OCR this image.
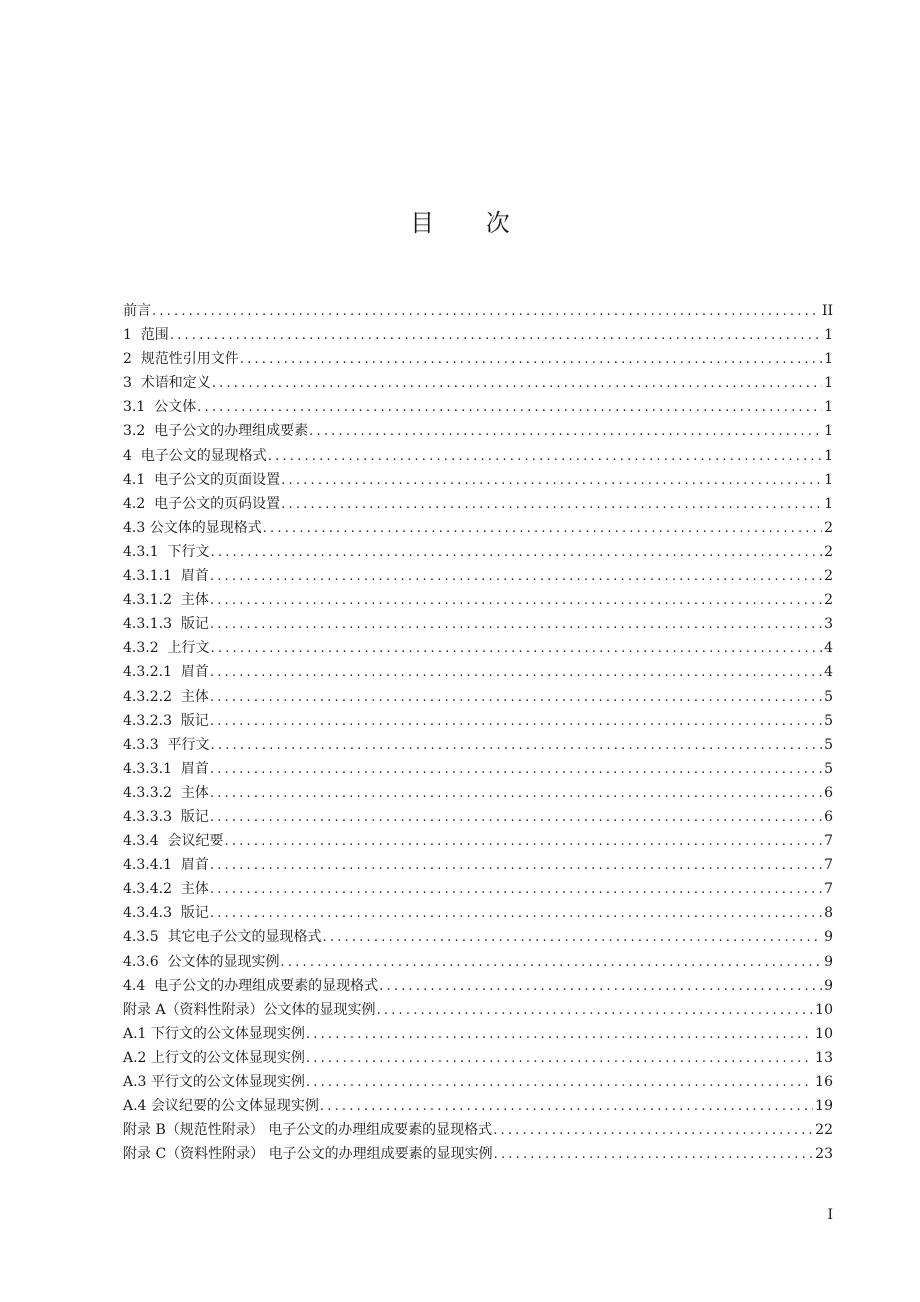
目 次
前言 .....	II
1  范围 .....	1
2  规范性引用文件 .....	1
3  术语和定义 .....	1
3.1  公文体 .....	1
3.2  电子公文的办理组成要素 .....	1
4  电子公文的显现格式 .....	1
4.1  电子公文的页面设置 .....	1
4.2  电子公文的页码设置 .....	1
4.3 公文体的显现格式 .....	2
4.3.1  下行文 .....	2
4.3.1.1  眉首 .....	2
4.3.1.2  主体 .....	2
4.3.1.3  版记 .....	3
4.3.2  上行文 .....	4
4.3.2.1  眉首 .....	4
4.3.2.2  主体 .....	5
4.3.2.3  版记 .....	5
4.3.3  平行文 .....	5
4.3.3.1  眉首 .....	5
4.3.3.2  主体 .....	6
4.3.3.3  版记 .....	6
4.3.4  会议纪要 .....	7
4.3.4.1  眉首 .....	7
4.3.4.2  主体 .....	7
4.3.4.3  版记 .....	8
4.3.5  其它电子公文的显现格式 .....	9
4.3.6  公文体的显现实例 .....	9
4.4  电子公文的办理组成要素的显现格式 .....	9
附录 A（资料性附录）公文体的显现实例 .....	10
A.1 下行文的公文体显现实例 .....	10
A.2 上行文的公文体显现实例 .....	13
A.3 平行文的公文体显现实例 .....	16
A.4 会议纪要的公文体显现实例 .....	19
附录 B（规范性附录） 电子公文的办理组成要素的显现格式 .....	22
附录 C（资料性附录） 电子公文的办理组成要素的显现实例 .....	23
I
